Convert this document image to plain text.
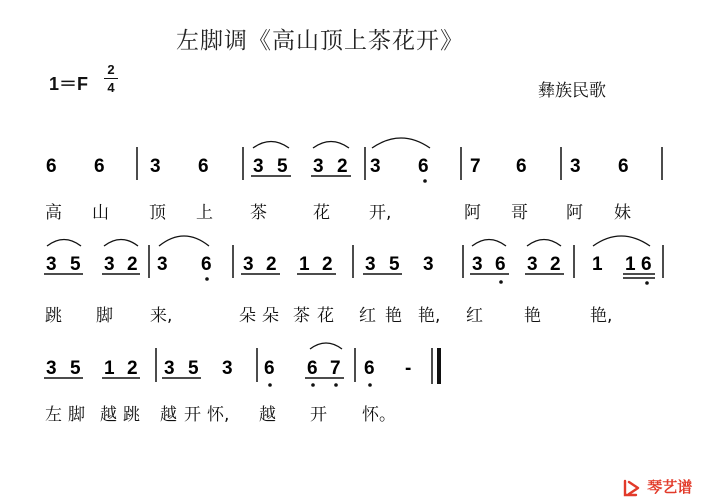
左脚调《高山顶上茶花开》
1＝F
2
4	彝族民歌
6 6 3 6 3 5 3 2 3 6 7 6 3 6
高 山 顶 上 茶	花 开,	阿 哥 阿 妹
3 5 3 2 3 6 3 2 1 2 3 5 3 3 6 3 2 1 1 6
跳 脚 来,	朵 朵 茶 花 红 艳 艳, 红 艳	艳,
3 5 1 2 3 5 3 6 6 7 6 -
左 脚 越 跳 越 开 怀, 越 开 怀。
琴艺谱
